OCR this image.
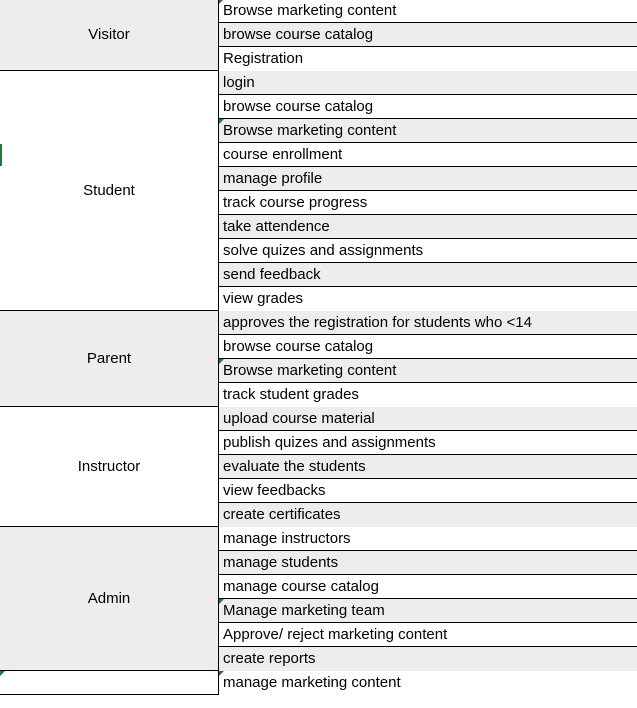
Visitor
Browse marketing content
browse course catalog
Registration
Student
login
browse course catalog
Browse marketing content
course enrollment
manage profile
track course progress
take attendence
solve quizes and assignments
send feedback
view grades
Parent
approves the registration for students who <14
browse course catalog
Browse marketing content
track student grades
Instructor
upload course material
publish quizes and assignments
evaluate the students
view feedbacks
create certificates
Admin
manage instructors
manage students
manage course catalog
Manage marketing team
Approve/ reject marketing content
create reports
manage marketing content
